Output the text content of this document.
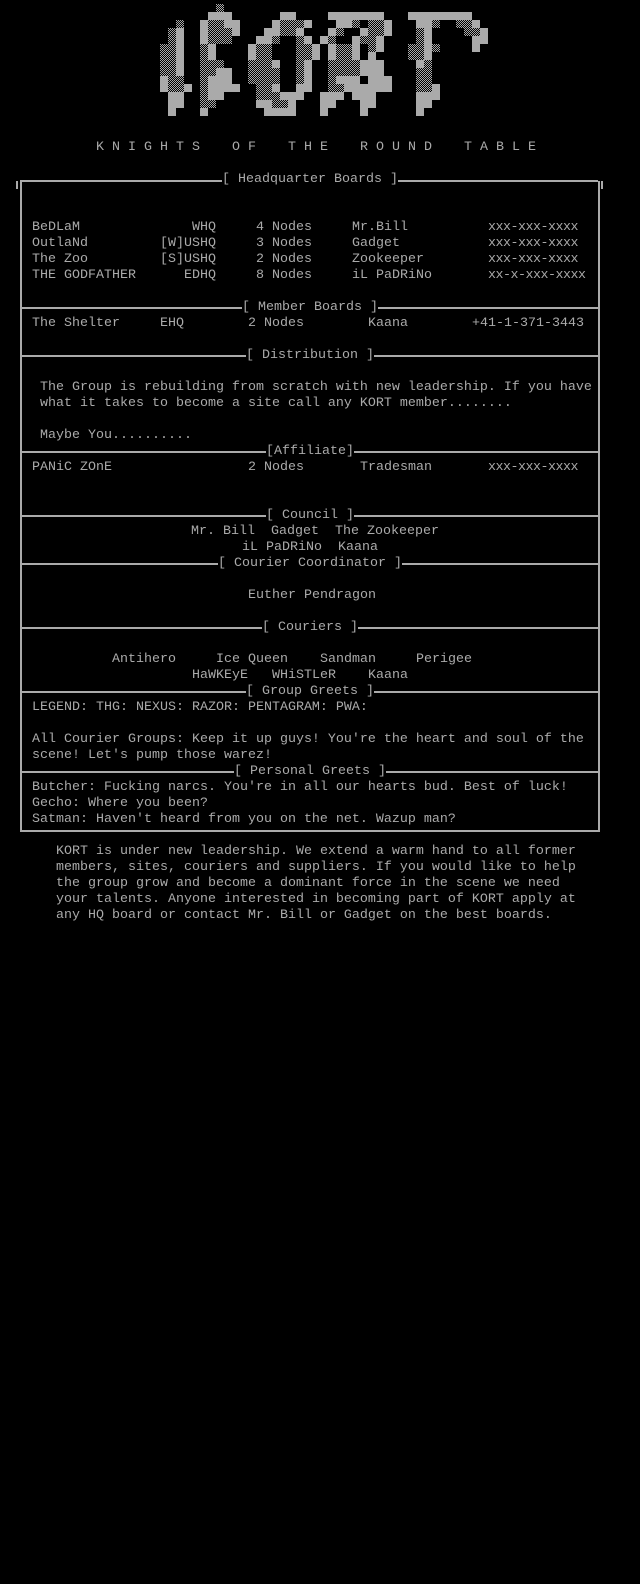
KNIGHTS OF THE ROUND TABLE
[ Headquarter Boards ]
[ Member Boards ]
[ Distribution ]
[Affiliate]
[ Council ]
[ Courier Coordinator ]
[ Couriers ]
[ Group Greets ]
[ Personal Greets ]
BeDLaM	WHQ	4 Nodes	Mr.Bill	xxx-xxx-xxxx
OutlaNd	[W]USHQ	3 Nodes	Gadget	xxx-xxx-xxxx
The Zoo	[S]USHQ	2 Nodes	Zookeeper	xxx-xxx-xxxx
THE GODFATHER	EDHQ	8 Nodes	iL PaDRiNo	xx-x-xxx-xxxx
The Shelter	EHQ	2 Nodes	Kaana	+41-1-371-3443
The Group is rebuilding from scratch with new leadership. If you have
what it takes to become a site call any KORT member........
Maybe You..........
PANiC ZOnE	2 Nodes	Tradesman	xxx-xxx-xxxx
Mr. Bill  Gadget  The Zookeeper
iL PaDRiNo  Kaana
Euther Pendragon
Antihero	Ice Queen Sandman	Perigee
HaWKEyE WHiSTLeR Kaana
LEGEND: THG: NEXUS: RAZOR: PENTAGRAM: PWA:
All Courier Groups: Keep it up guys! You're the heart and soul of the
scene! Let's pump those warez!
Butcher: Fucking narcs. You're in all our hearts bud. Best of luck!
Gecho: Where you been?
Satman: Haven't heard from you on the net. Wazup man?
KORT is under new leadership. We extend a warm hand to all former
members, sites, couriers and suppliers. If you would like to help
the group grow and become a dominant force in the scene we need
your talents. Anyone interested in becoming part of KORT apply at
any HQ board or contact Mr. Bill or Gadget on the best boards.
